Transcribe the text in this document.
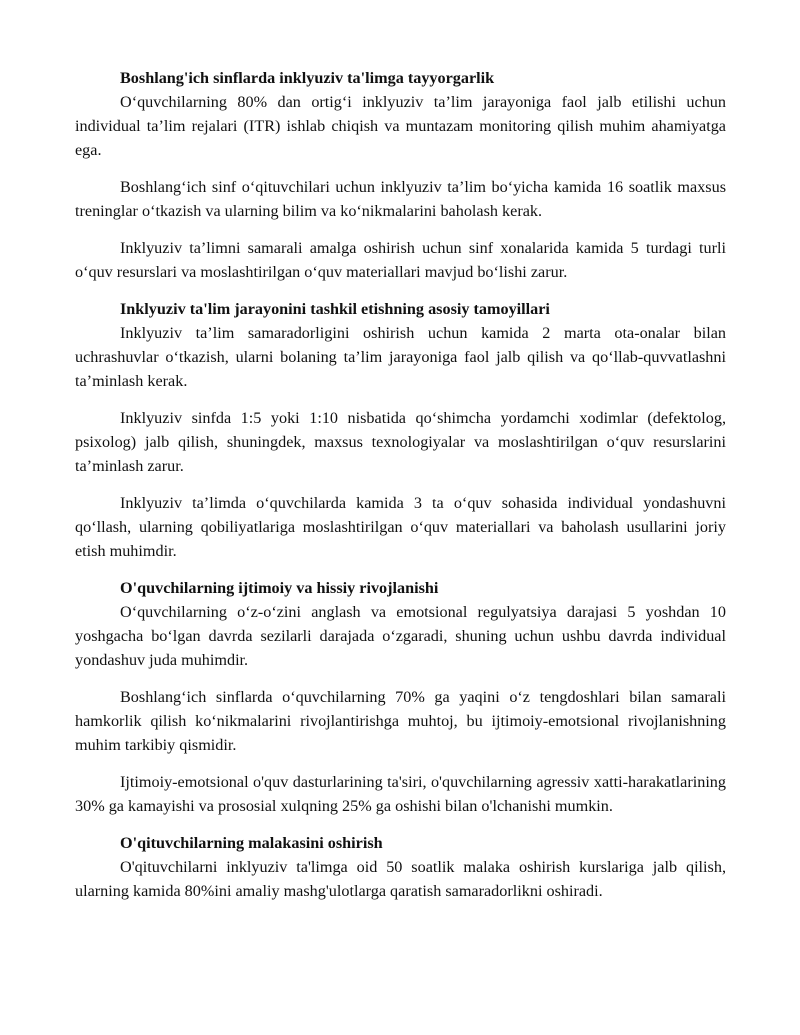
Boshlang'ich sinflarda inklyuziv ta'limga tayyorgarlik

O‘quvchilarning 80% dan ortig‘i inklyuziv ta’lim jarayoniga faol jalb etilishi uchun individual ta’lim rejalari (ITR) ishlab chiqish va muntazam monitoring qilish muhim ahamiyatga ega.

Boshlang‘ich sinf o‘qituvchilari uchun inklyuziv ta’lim bo‘yicha kamida 16 soatlik maxsus treninglar o‘tkazish va ularning bilim va ko‘nikmalarini baholash kerak.

Inklyuziv ta’limni samarali amalga oshirish uchun sinf xonalarida kamida 5 turdagi turli o‘quv resurslari va moslashtirilgan o‘quv materiallari mavjud bo‘lishi zarur.

Inklyuziv ta'lim jarayonini tashkil etishning asosiy tamoyillari

Inklyuziv ta’lim samaradorligini oshirish uchun kamida 2 marta ota-onalar bilan uchrashuvlar o‘tkazish, ularni bolaning ta’lim jarayoniga faol jalb qilish va qo‘llab-quvvatlashni ta’minlash kerak.

Inklyuziv sinfda 1:5 yoki 1:10 nisbatida qo‘shimcha yordamchi xodimlar (defektolog, psixolog) jalb qilish, shuningdek, maxsus texnologiyalar va moslashtirilgan o‘quv resurslarini ta’minlash zarur.

Inklyuziv ta’limda o‘quvchilarda kamida 3 ta o‘quv sohasida individual yondashuvni qo‘llash, ularning qobiliyatlariga moslashtirilgan o‘quv materiallari va baholash usullarini joriy etish muhimdir.

O'quvchilarning ijtimoiy va hissiy rivojlanishi

O‘quvchilarning o‘z-o‘zini anglash va emotsional regulyatsiya darajasi 5 yoshdan 10 yoshgacha bo‘lgan davrda sezilarli darajada o‘zgaradi, shuning uchun ushbu davrda individual yondashuv juda muhimdir.

Boshlang‘ich sinflarda o‘quvchilarning 70% ga yaqini o‘z tengdoshlari bilan samarali hamkorlik qilish ko‘nikmalarini rivojlantirishga muhtoj, bu ijtimoiy-emotsional rivojlanishning muhim tarkibiy qismidir.

Ijtimoiy-emotsional o'quv dasturlarining ta'siri, o'quvchilarning agressiv xatti-harakatlarining 30% ga kamayishi va prososial xulqning 25% ga oshishi bilan o'lchanishi mumkin.

O'qituvchilarning malakasini oshirish

O'qituvchilarni inklyuziv ta'limga oid 50 soatlik malaka oshirish kurslariga jalb qilish, ularning kamida 80%ini amaliy mashg'ulotlarga qaratish samaradorlikni oshiradi.
